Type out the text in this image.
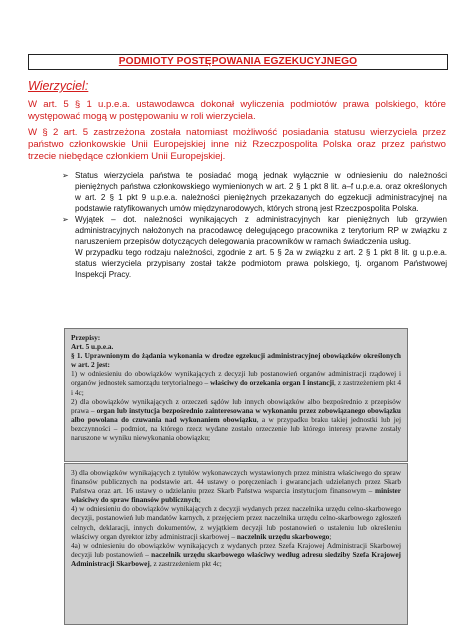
PODMIOTY POSTĘPOWANIA EGZEKUCYJNEGO
Wierzyciel:
W art. 5 § 1 u.p.e.a. ustawodawca dokonał wyliczenia podmiotów prawa polskiego, które występować mogą w postępowaniu w roli wierzyciela.
W § 2 art. 5 zastrzeżona została natomiast możliwość posiadania statusu wierzyciela przez państwo członkowskie Unii Europejskiej inne niż Rzeczpospolita Polska oraz przez państwo trzecie niebędące członkiem Unii Europejskiej.
➢ Status wierzyciela państwa te posiadać mogą jednak wyłącznie w odniesieniu do należności pieniężnych państwa członkowskiego wymienionych w art. 2 § 1 pkt 8 lit. a–f u.p.e.a. oraz określonych w art. 2 § 1 pkt 9 u.p.e.a. należności pieniężnych przekazanych do egzekucji administracyjnej na podstawie ratyfikowanych umów międzynarodowych, których stroną jest Rzeczpospolita Polska.
➢ Wyjątek – dot. należności wynikających z administracyjnych kar pieniężnych lub grzywien administracyjnych nałożonych na pracodawcę delegującego pracownika z terytorium RP w związku z naruszeniem przepisów dotyczących delegowania pracowników w ramach świadczenia usług.
W przypadku tego rodzaju należności, zgodnie z art. 5 § 2a w związku z art. 2 § 1 pkt 8 lit. g u.p.e.a. status wierzyciela przypisany został także podmiotom prawa polskiego, tj. organom Państwowej Inspekcji Pracy.

Przepisy:

Art. 5 u.p.e.a.

§ 1. Uprawnionym do żądania wykonania w drodze egzekucji administracyjnej obowiązków określonych w art. 2 jest:

1) w odniesieniu do obowiązków wynikających z decyzji lub postanowień organów administracji rządowej i organów jednostek samorządu terytorialnego – właściwy do orzekania organ I instancji, z zastrzeżeniem pkt 4 i 4c;

2) dla obowiązków wynikających z orzeczeń sądów lub innych obowiązków albo bezpośrednio z przepisów prawa – organ lub instytucja bezpośrednio zainteresowana w wykonaniu przez zobowiązanego obowiązku albo powołana do czuwania nad wykonaniem obowiązku, a w przypadku braku takiej jednostki lub jej bezczynności – podmiot, na którego rzecz wydane zostało orzeczenie lub którego interesy prawne zostały naruszone w wyniku niewykonania obowiązku;

3) dla obowiązków wynikających z tytułów wykonawczych wystawionych przez ministra właściwego do spraw finansów publicznych na podstawie art. 44 ustawy o poręczeniach i gwarancjach udzielanych przez Skarb Państwa oraz art. 16 ustawy o udzielaniu przez Skarb Państwa wsparcia instytucjom finansowym – minister właściwy do spraw finansów publicznych;

4) w odniesieniu do obowiązków wynikających z decyzji wydanych przez naczelnika urzędu celno-skarbowego decyzji, postanowień lub mandatów karnych, z przejęciem przez naczelnika urzędu celno-skarbowego zgłoszeń celnych, deklaracji, innych dokumentów, z wyjątkiem decyzji lub postanowień o ustaleniu lub określeniu właściwy organ dyrektor izby administracji skarbowej – naczelnik urzędu skarbowego;

4a) w odniesieniu do obowiązków wynikających z wydanych przez Szefa Krajowej Administracji Skarbowej decyzji lub postanowień – naczelnik urzędu skarbowego właściwy według adresu siedziby Szefa Krajowej Administracji Skarbowej, z zastrzeżeniem pkt 4c;
